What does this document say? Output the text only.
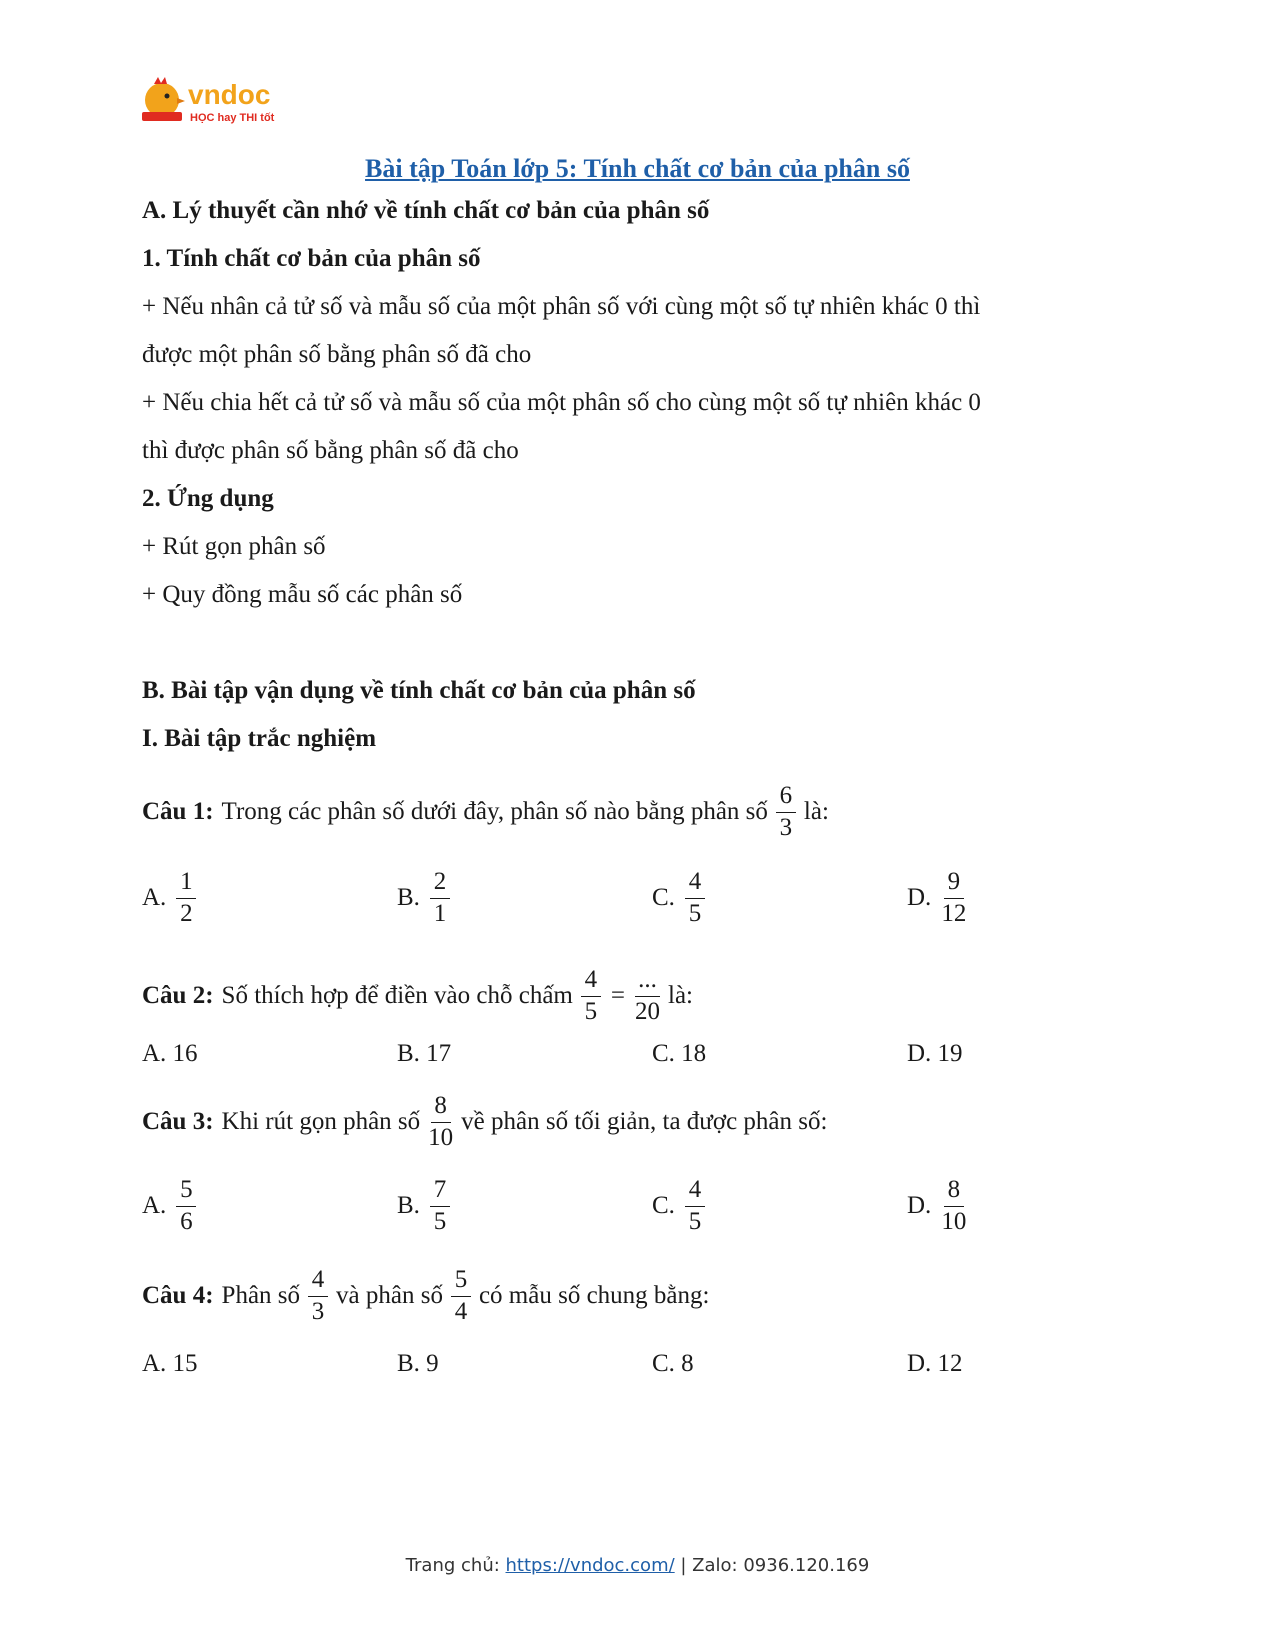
vndoc
HỌC hay THI tốt
Bài tập Toán lớp 5: Tính chất cơ bản của phân số
A. Lý thuyết cần nhớ về tính chất cơ bản của phân số
1. Tính chất cơ bản của phân số
+ Nếu nhân cả tử số và mẫu số của một phân số với cùng một số tự nhiên khác 0 thì
được một phân số bằng phân số đã cho
+ Nếu chia hết cả tử số và mẫu số của một phân số cho cùng một số tự nhiên khác 0
thì được phân số bằng phân số đã cho
2. Ứng dụng
+ Rút gọn phân số
+ Quy đồng mẫu số các phân số
B. Bài tập vận dụng về tính chất cơ bản của phân số
I. Bài tập trắc nghiệm
Câu 1: Trong các phân số dưới đây, phân số nào bằng phân số $\frac{6}{3}$ là:
A. $\frac{1}{2}$	B. $\frac{2}{1}$	C. $\frac{4}{5}$	D. $\frac{9}{12}$
Câu 2: Số thích hợp để điền vào chỗ chấm $\frac{4}{5} = \frac{...}{20}$ là:
A. 16	B. 17	C. 18	D. 19
Câu 3: Khi rút gọn phân số $\frac{8}{10}$ về phân số tối giản, ta được phân số:
A. $\frac{5}{6}$	B. $\frac{7}{5}$	C. $\frac{4}{5}$	D. $\frac{8}{10}$
Câu 4: Phân số $\frac{4}{3}$ và phân số $\frac{5}{4}$ có mẫu số chung bằng:
A. 15	B. 9	C. 8	D. 12
Trang chủ: https://vndoc.com/ | Zalo: 0936.120.169
